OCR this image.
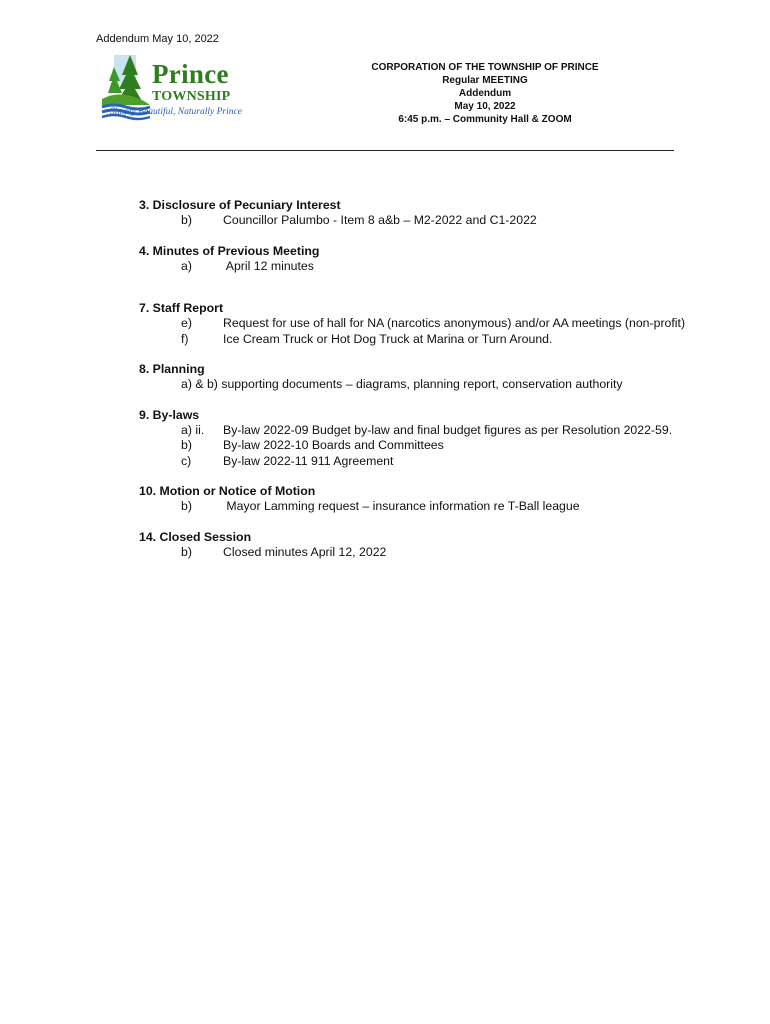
Addendum May 10, 2022
Prince
TOWNSHIP
Simply Beautiful, Naturally Prince
CORPORATION OF THE TOWNSHIP OF PRINCE
Regular MEETING
Addendum
May 10, 2022
6:45 p.m. – Community Hall & ZOOM
3. Disclosure of Pecuniary Interest
b)	Councillor Palumbo - Item 8 a&b – M2-2022 and C1-2022
4. Minutes of Previous Meeting
a)	April 12 minutes
7. Staff Report
e)	Request for use of hall for NA (narcotics anonymous) and/or AA meetings (non-profit)
f)	Ice Cream Truck or Hot Dog Truck at Marina or Turn Around.
8. Planning
a) & b) supporting documents – diagrams, planning report, conservation authority
9. By-laws
a) ii.	By-law 2022-09 Budget by-law and final budget figures as per Resolution 2022-59.
b)	By-law 2022-10 Boards and Committees
c)	By-law 2022-11 911 Agreement
10. Motion or Notice of Motion
b)	Mayor Lamming request – insurance information re T-Ball league
14. Closed Session
b)	Closed minutes April 12, 2022
